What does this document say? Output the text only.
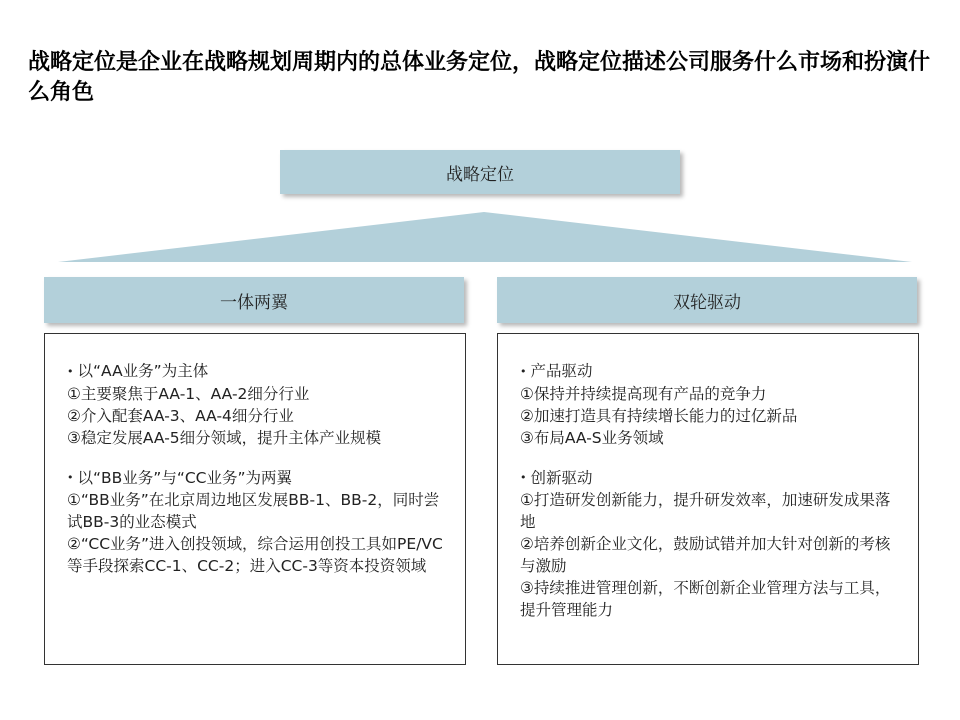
战略定位是企业在战略规划周期内的总体业务定位，战略定位描述公司服务什么市场和扮演什么角色
战略定位
一体两翼	双轮驱动
• 以“AA业务”为主体
①主要聚焦于AA-1、AA-2细分行业
②介入配套AA-3、AA-4细分行业
③稳定发展AA-5细分领域，提升主体产业规模
• 以“BB业务”与“CC业务”为两翼
①“BB业务”在北京周边地区发展BB-1、BB-2，同时尝试BB-3的业态模式
②“CC业务”进入创投领域，综合运用创投工具如PE/VC等手段探索CC-1、CC-2；进入CC-3等资本投资领域
• 产品驱动
①保持并持续提高现有产品的竞争力
②加速打造具有持续增长能力的过亿新品
③布局AA-S业务领域
• 创新驱动
①打造研发创新能力，提升研发效率，加速研发成果落地
②培养创新企业文化，鼓励试错并加大针对创新的考核与激励
③持续推进管理创新，不断创新企业管理方法与工具，提升管理能力
